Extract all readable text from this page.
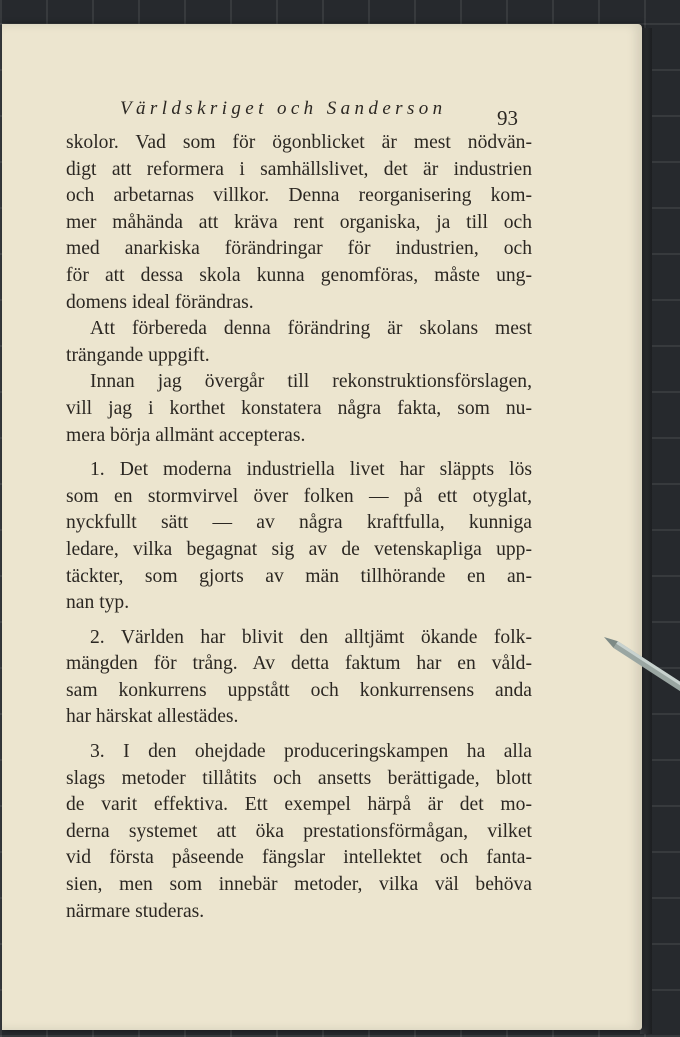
Världskriget och Sanderson 93
skolor. Vad som för ögonblicket är mest nödvän-
digt att reformera i samhällslivet, det är industrien
och arbetarnas villkor. Denna reorganisering kom-
mer måhända att kräva rent organiska, ja till och
med anarkiska förändringar för industrien, och
för att dessa skola kunna genomföras, måste ung-
domens ideal förändras.
Att förbereda denna förändring är skolans mest
trängande uppgift.
Innan jag övergår till rekonstruktionsförslagen,
vill jag i korthet konstatera några fakta, som nu-
mera börja allmänt accepteras.
1. Det moderna industriella livet har släppts lös
som en stormvirvel över folken — på ett otyglat,
nyckfullt sätt — av några kraftfulla, kunniga
ledare, vilka begagnat sig av de vetenskapliga upp-
täckter, som gjorts av män tillhörande en an-
nan typ.
2. Världen har blivit den alltjämt ökande folk-
mängden för trång. Av detta faktum har en våld-
sam konkurrens uppstått och konkurrensens anda
har härskat allestädes.
3. I den ohejdade produceringskampen ha alla
slags metoder tillåtits och ansetts berättigade, blott
de varit effektiva. Ett exempel härpå är det mo-
derna systemet att öka prestationsförmågan, vilket
vid första påseende fängslar intellektet och fanta-
sien, men som innebär metoder, vilka väl behöva
närmare studeras.
